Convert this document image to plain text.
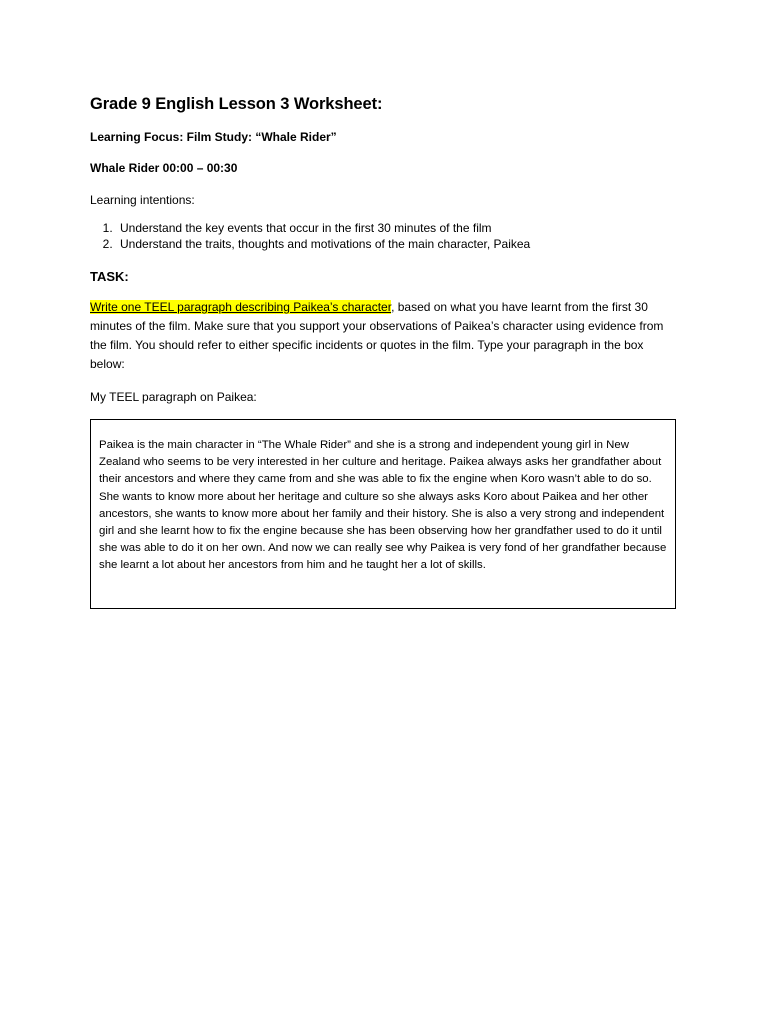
Grade 9 English Lesson 3 Worksheet:
Learning Focus: Film Study: “Whale Rider”
Whale Rider 00:00 – 00:30
Learning intentions:
1. Understand the key events that occur in the first 30 minutes of the film
2. Understand the traits, thoughts and motivations of the main character, Paikea
TASK:

Write one TEEL paragraph describing Paikea’s character, based on what you have learnt from the first 30 minutes of the film. Make sure that you support your observations of Paikea’s character using evidence from the film. You should refer to either specific incidents or quotes in the film. Type your paragraph in the box below:

My TEEL paragraph on Paikea:

Paikea is the main character in “The Whale Rider” and she is a strong and independent young girl in New Zealand who seems to be very interested in her culture and heritage. Paikea always asks her grandfather about their ancestors and where they came from and she was able to fix the engine when Koro wasn’t able to do so. She wants to know more about her heritage and culture so she always asks Koro about Paikea and her other ancestors, she wants to know more about her family and their history. She is also a very strong and independent girl and she learnt how to fix the engine because she has been observing how her grandfather used to do it until she was able to do it on her own. And now we can really see why Paikea is very fond of her grandfather because she learnt a lot about her ancestors from him and he taught her a lot of skills.
